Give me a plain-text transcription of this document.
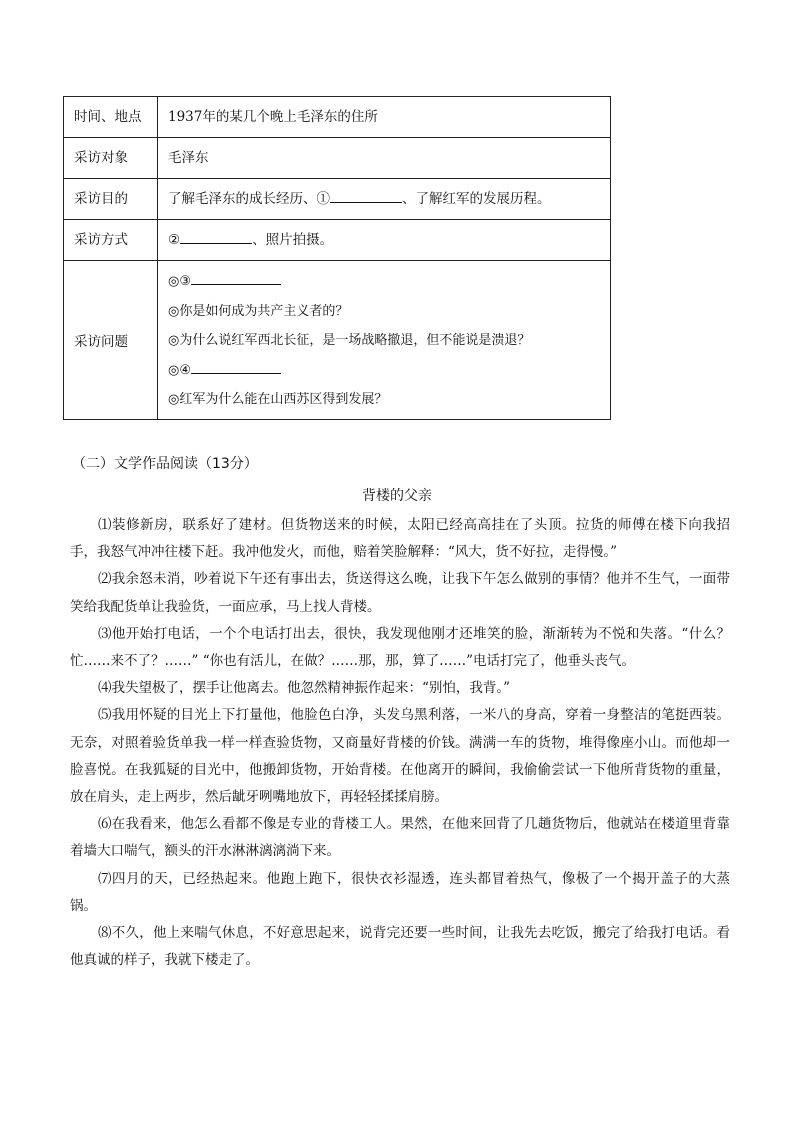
时间、地点	1937年的某几个晚上毛泽东的住所
采访对象	毛泽东
采访目的	了解毛泽东的成长经历、① 、了解红军的发展历程。
采访方式	② 、照片拍摄。
采访问题	◎③
◎你是如何成为共产主义者的？
◎为什么说红军西北长征，是一场战略撤退，但不能说是溃退？
◎④
◎红军为什么能在山西苏区得到发展？
（二）文学作品阅读（13分）
背楼的父亲

⑴装修新房，联系好了建材。但货物送来的时候，太阳已经高高挂在了头顶。拉货的师傅在楼下向我招手，我怒气冲冲往楼下赶。我冲他发火，而他，赔着笑脸解释：“风大，货不好拉，走得慢。”

⑵我余怒未消，吵着说下午还有事出去，货送得这么晚，让我下午怎么做别的事情？他并不生气，一面带笑给我配货单让我验货，一面应承，马上找人背楼。

⑶他开始打电话，一个个电话打出去，很快，我发现他刚才还堆笑的脸，渐渐转为不悦和失落。“什么？忙……来不了？……” “你也有活儿，在做？……那，那，算了……”电话打完了，他垂头丧气。

⑷我失望极了，摆手让他离去。他忽然精神振作起来：“别怕，我背。”

⑸我用怀疑的目光上下打量他，他脸色白净，头发乌黑利落，一米八的身高，穿着一身整洁的笔挺西装。无奈，对照着验货单我一样一样查验货物，又商量好背楼的价钱。满满一车的货物，堆得像座小山。而他却一脸喜悦。在我狐疑的目光中，他搬卸货物，开始背楼。在他离开的瞬间，我偷偷尝试一下他所背货物的重量，放在肩头，走上两步，然后龇牙咧嘴地放下，再轻轻揉揉肩膀。

⑹在我看来，他怎么看都不像是专业的背楼工人。果然，在他来回背了几趟货物后，他就站在楼道里背靠着墙大口喘气，额头的汗水淋淋漓漓淌下来。

⑺四月的天，已经热起来。他跑上跑下，很快衣衫湿透，连头都冒着热气，像极了一个揭开盖子的大蒸锅。

⑻不久，他上来喘气休息，不好意思起来，说背完还要一些时间，让我先去吃饭，搬完了给我打电话。看他真诚的样子，我就下楼走了。
